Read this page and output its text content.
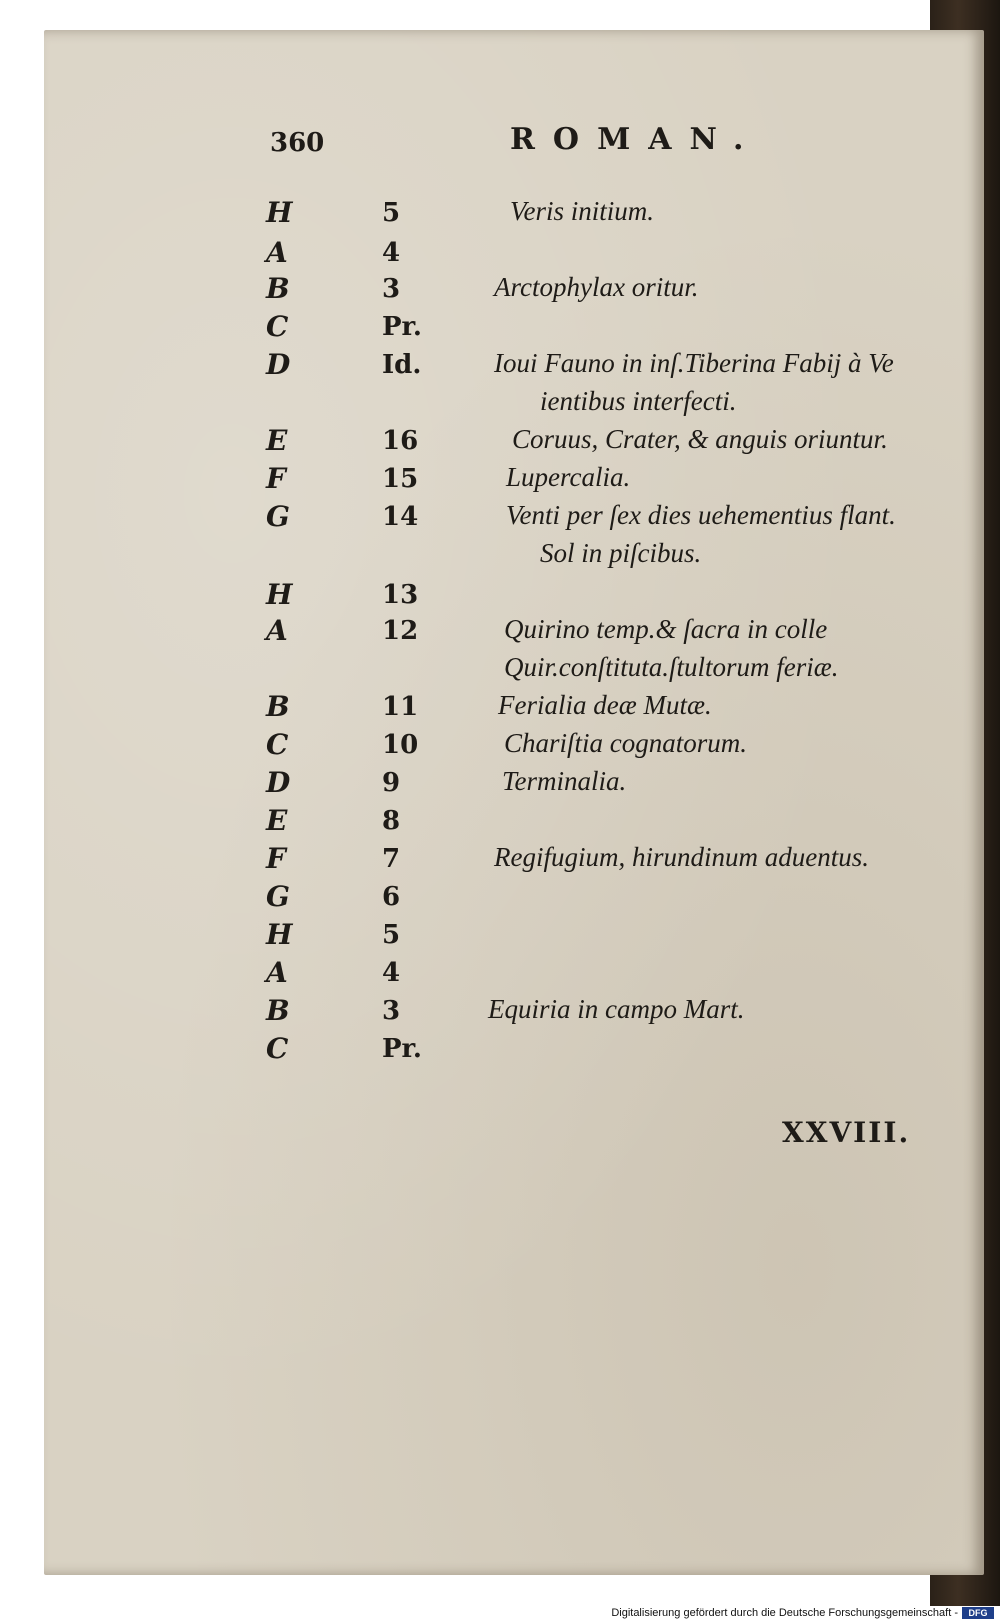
360	ROMAN.
H	5	Veris initium.
A	4
B	3	Arctophylax oritur.
C	Pr.
D	Id.	Ioui Fauno in inſ.Tiberina Fabij à Ve
ientibus interfecti.
E	16	Coruus, Crater, & anguis oriuntur.
F	15	Lupercalia.
G	14	Venti per ſex dies uehementius flant.
Sol in piſcibus.
H	13
A	12	Quirino temp.& ſacra in colle
Quir.conſtituta.ſtultorum feriæ.
B	11	Ferialia deæ Mutæ.
C	10	Chariſtia cognatorum.
D	9	Terminalia.
E	8
F	7	Regifugium, hirundinum aduentus.
G	6
H	5
A	4
B	3	Equiria in campo Mart.
C	Pr.
XXVIII.
Digitalisierung gefördert durch die Deutsche Forschungsgemeinschaft -	DFG
